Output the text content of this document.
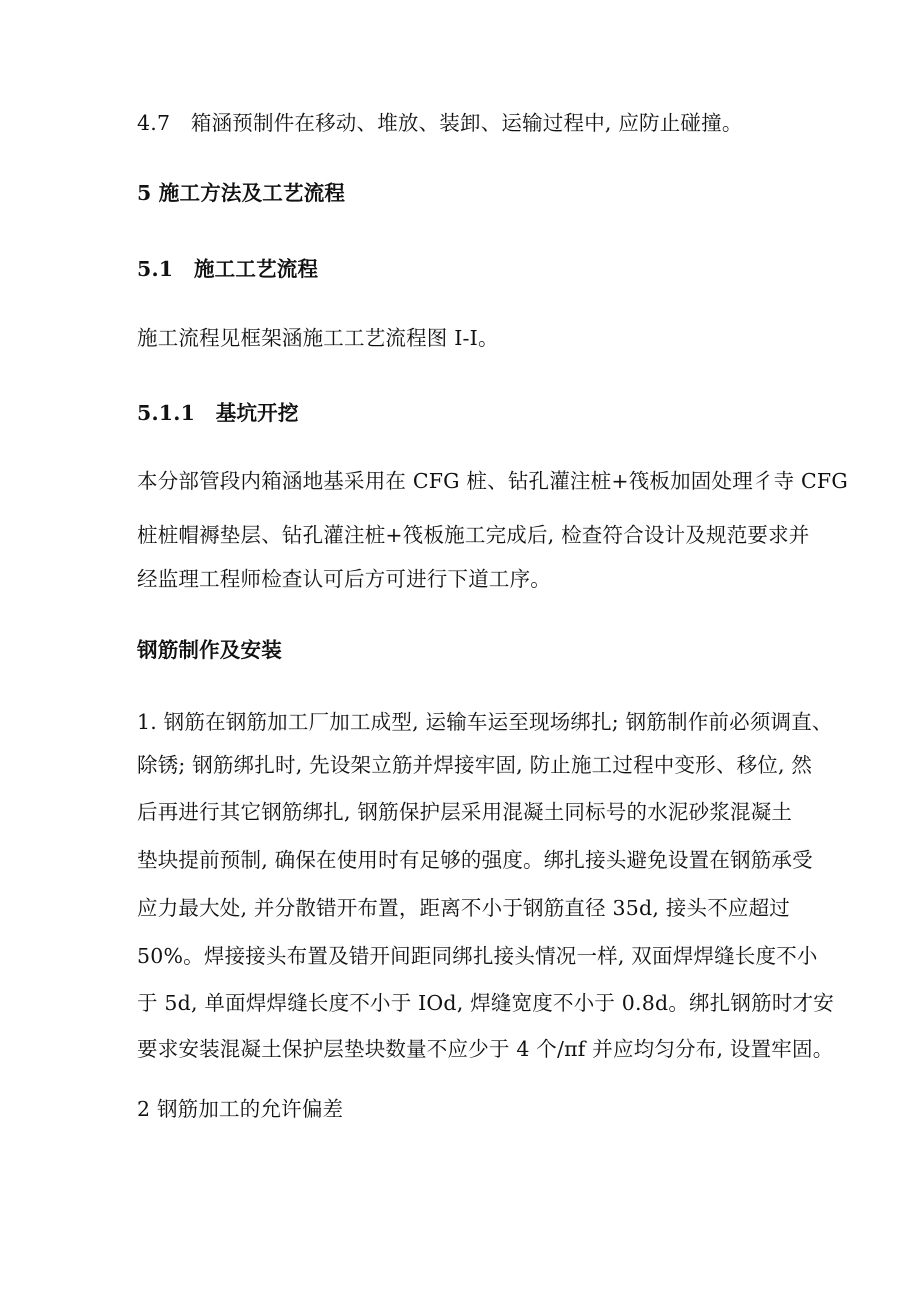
4.7　箱涵预制件在移动、堆放、装卸、运输过程中, 应防止碰撞。
5 施工方法及工艺流程
5.1　施工工艺流程
施工流程见框架涵施工工艺流程图 I-I。
5.1.1　基坑开挖
本分部管段内箱涵地基采用在 CFG 桩、钻孔灌注桩+筏板加固处理彳寺 CFG
桩桩帽褥垫层、钻孔灌注桩+筏板施工完成后, 检查符合设计及规范要求并
经监理工程师检查认可后方可进行下道工序。
钢筋制作及安装
1. 钢筋在钢筋加工厂加工成型, 运输车运至现场绑扎; 钢筋制作前必须调直、
除锈; 钢筋绑扎时, 先设架立筋并焊接牢固, 防止施工过程中变形、移位, 然
后再进行其它钢筋绑扎, 钢筋保护层采用混凝土同标号的水泥砂浆混凝土
垫块提前预制, 确保在使用时有足够的强度。绑扎接头避免设置在钢筋承受
应力最大处, 并分散错开布置，距离不小于钢筋直径 35d, 接头不应超过
50%。焊接接头布置及错开间距同绑扎接头情况一样, 双面焊焊缝长度不小
于 5d, 单面焊焊缝长度不小于 IOd, 焊缝宽度不小于 0.8d。绑扎钢筋时才安
要求安装混凝土保护层垫块数量不应少于 4 个/πf 并应均匀分布, 设置牢固。
2 钢筋加工的允许偏差
